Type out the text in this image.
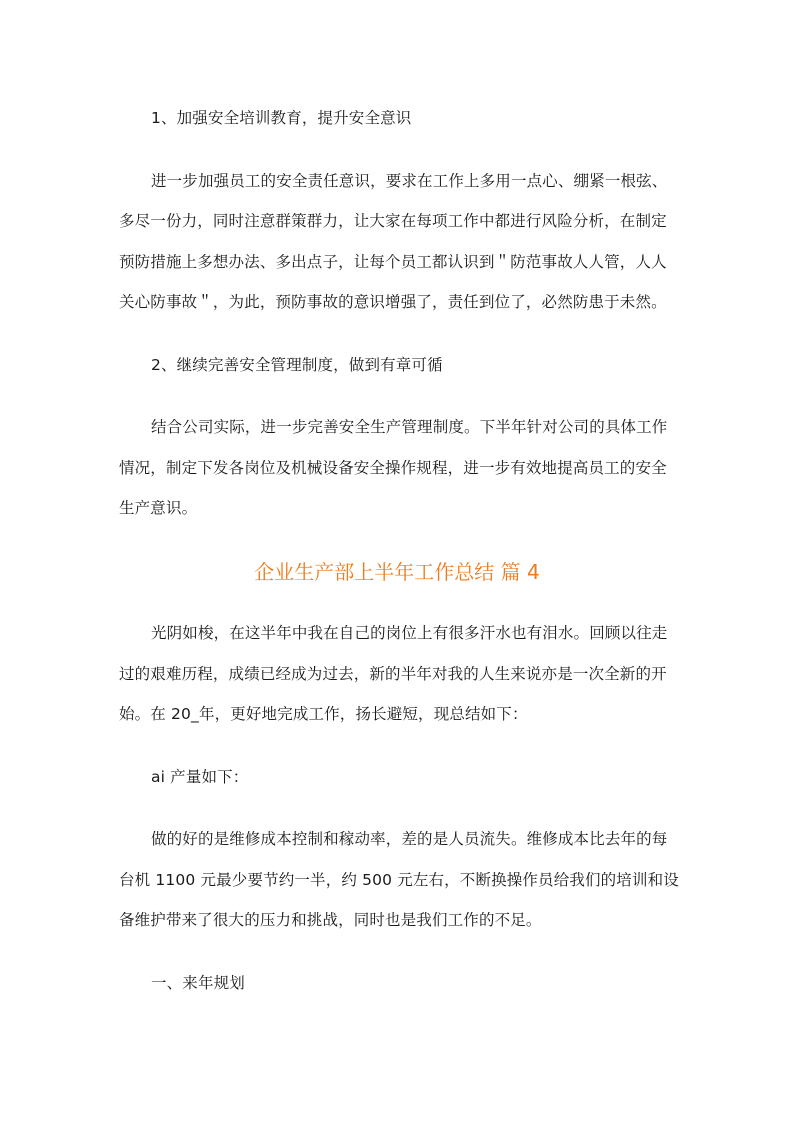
1、加强安全培训教育，提升安全意识
进一步加强员工的安全责任意识，要求在工作上多用一点心、绷紧一根弦、
多尽一份力，同时注意群策群力，让大家在每项工作中都进行风险分析，在制定
预防措施上多想办法、多出点子，让每个员工都认识到＂防范事故人人管，人人
关心防事故＂，为此，预防事故的意识增强了，责任到位了，必然防患于未然。
2、继续完善安全管理制度，做到有章可循
结合公司实际，进一步完善安全生产管理制度。下半年针对公司的具体工作
情况，制定下发各岗位及机械设备安全操作规程，进一步有效地提高员工的安全
生产意识。
企业生产部上半年工作总结 篇 4
光阴如梭，在这半年中我在自己的岗位上有很多汗水也有泪水。回顾以往走
过的艰难历程，成绩已经成为过去，新的半年对我的人生来说亦是一次全新的开
始。在 20_年，更好地完成工作，扬长避短，现总结如下：
ai 产量如下：
做的好的是维修成本控制和稼动率，差的是人员流失。维修成本比去年的每
台机 1100 元最少要节约一半，约 500 元左右，不断换操作员给我们的培训和设
备维护带来了很大的压力和挑战，同时也是我们工作的不足。
一、来年规划
